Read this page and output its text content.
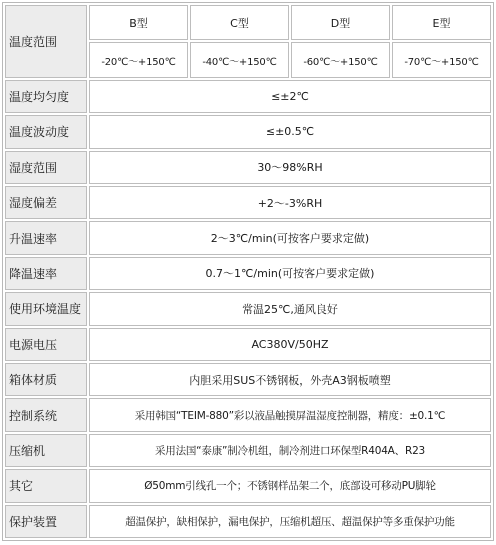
温度范围	B型	C型	D型	E型
	-20℃～+150℃	-40℃～+150℃	-60℃～+150℃	-70℃～+150℃
温度均匀度	≤±2℃			
温度波动度	≤±0.5℃			
湿度范围	30～98%RH			
湿度偏差	+2～-3%RH			
升温速率	2～3℃/min(可按客户要求定做)			
降温速率	0.7～1℃/min(可按客户要求定做)			
使用环境温度	常温25℃,通风良好			
电源电压	AC380V/50HZ			
箱体材质	内胆采用SUS不锈钢板，外壳A3钢板喷塑			
控制系统	采用韩国“TEIM-880”彩以液晶触摸屏温湿度控制器，精度：±0.1℃			
压缩机	采用法国“泰康”制冷机组，制冷剂进口环保型R404A、R23			
其它	Ø50mm引线孔一个；不锈钢样品架二个，底部设可移动PU脚轮			
保护装置	超温保护，缺相保护，漏电保护，压缩机超压、超温保护等多重保护功能			
